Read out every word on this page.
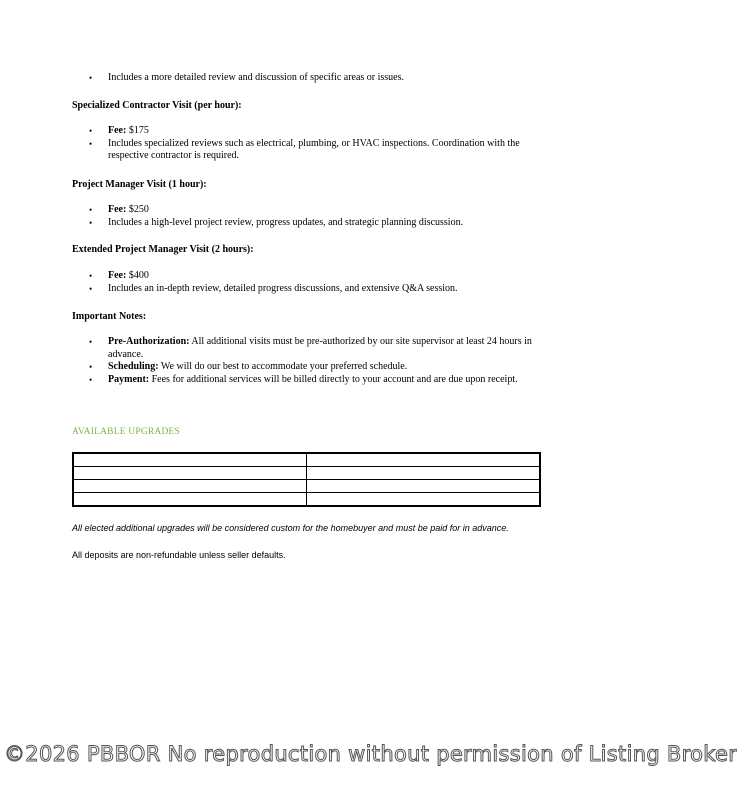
• Includes a more detailed review and discussion of specific areas or issues.
Specialized Contractor Visit (per hour):
• Fee: $175
• Includes specialized reviews such as electrical, plumbing, or HVAC inspections. Coordination with the respective contractor is required.
Project Manager Visit (1 hour):
• Fee: $250
• Includes a high-level project review, progress updates, and strategic planning discussion.
Extended Project Manager Visit (2 hours):
• Fee: $400
• Includes an in-depth review, detailed progress discussions, and extensive Q&A session.
Important Notes:
• Pre-Authorization: All additional visits must be pre-authorized by our site supervisor at least 24 hours in advance.
• Scheduling: We will do our best to accommodate your preferred schedule.
• Payment: Fees for additional services will be billed directly to your account and are due upon receipt.
AVAILABLE UPGRADES

All elected additional upgrades will be considered custom for the homebuyer and must be paid for in advance.
All deposits are non-refundable unless seller defaults.
©2026 PBBOR No reproduction without permission of Listing Broker
